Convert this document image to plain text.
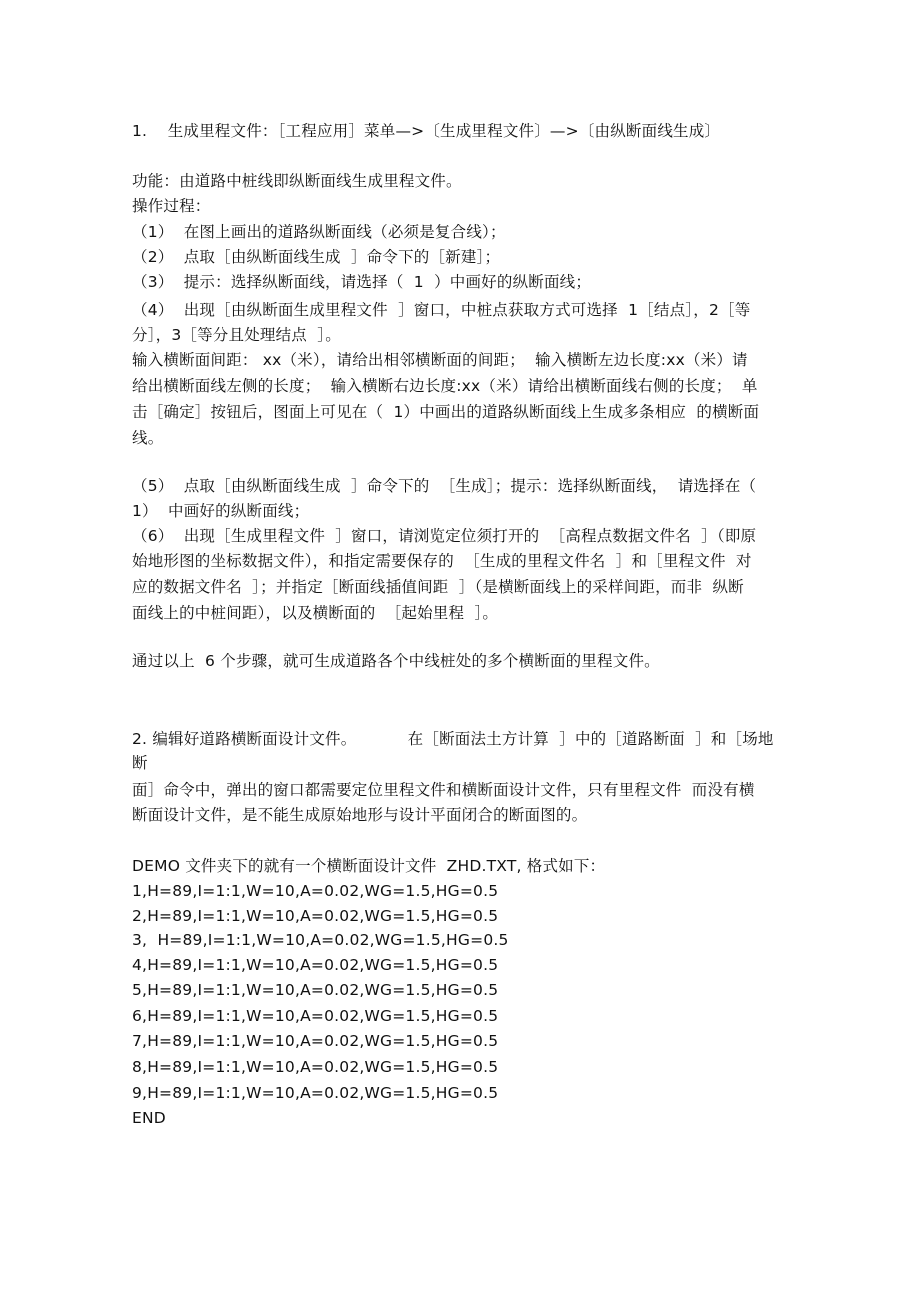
1.    生成里程文件：［工程应用］菜单—>〔生成里程文件〕—>〔由纵断面线生成〕
功能：由道路中桩线即纵断面线生成里程文件。
操作过程：
（1）  在图上画出的道路纵断面线（必须是复合线）；
（2）  点取［由纵断面线生成  ］命令下的［新建］；
（3）  提示：选择纵断面线，请选择（  1  ）中画好的纵断面线；
（4）  出现［由纵断面生成里程文件  ］窗口，中桩点获取方式可选择  1［结点］，2［等
分］，3［等分且处理结点  ］。
输入横断面间距： xx（米），请给出相邻横断面的间距；  输入横断左边长度:xx（米）请
给出横断面线左侧的长度；  输入横断右边长度:xx（米）请给出横断面线右侧的长度；  单
击［确定］按钮后，图面上可见在（  1）中画出的道路纵断面线上生成多条相应  的横断面
线。
（5）  点取［由纵断面线生成  ］命令下的  ［生成］；提示：选择纵断面线，  请选择在（
1）  中画好的纵断面线；
（6）  出现［生成里程文件  ］窗口，请浏览定位须打开的  ［高程点数据文件名  ］（即原
始地形图的坐标数据文件），和指定需要保存的  ［生成的里程文件名  ］和［里程文件  对
应的数据文件名  ］；并指定［断面线插值间距  ］（是横断面线上的采样间距，而非  纵断
面线上的中桩间距），以及横断面的  ［起始里程  ］。
通过以上  6 个步骤，就可生成道路各个中线桩处的多个横断面的里程文件。
2. 编辑好道路横断面设计文件。          在［断面法土方计算  ］中的［道路断面  ］和［场地
断
面］命令中，弹出的窗口都需要定位里程文件和横断面设计文件，只有里程文件  而没有横
断面设计文件，是不能生成原始地形与设计平面闭合的断面图的。
DEMO 文件夹下的就有一个横断面设计文件  ZHD.TXT, 格式如下：
1,H=89,I=1:1,W=10,A=0.02,WG=1.5,HG=0.5
2,H=89,I=1:1,W=10,A=0.02,WG=1.5,HG=0.5
3,  H=89,I=1:1,W=10,A=0.02,WG=1.5,HG=0.5
4,H=89,I=1:1,W=10,A=0.02,WG=1.5,HG=0.5
5,H=89,I=1:1,W=10,A=0.02,WG=1.5,HG=0.5
6,H=89,I=1:1,W=10,A=0.02,WG=1.5,HG=0.5
7,H=89,I=1:1,W=10,A=0.02,WG=1.5,HG=0.5
8,H=89,I=1:1,W=10,A=0.02,WG=1.5,HG=0.5
9,H=89,I=1:1,W=10,A=0.02,WG=1.5,HG=0.5
END
